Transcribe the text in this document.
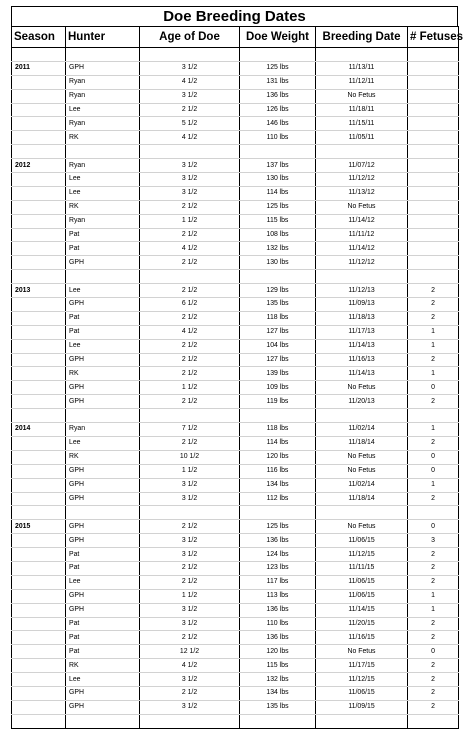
Doe Breeding Dates
Season	Hunter	Age of Doe	Doe Weight	Breeding Date	# Fetuses

2011	GPH	3 1/2	125 lbs	11/13/11	
	Ryan	4 1/2	131 lbs	11/12/11	
	Ryan	3 1/2	136 lbs	No Fetus	
	Lee	2 1/2	126 lbs	11/18/11	
	Ryan	5 1/2	146 lbs	11/15/11	
	RK	4 1/2	110 lbs	11/05/11	

2012	Ryan	3 1/2	137 lbs	11/07/12	
	Lee	3 1/2	130 lbs	11/12/12	
	Lee	3 1/2	114 lbs	11/13/12	
	RK	2 1/2	125 lbs	No Fetus	
	Ryan	1 1/2	115 lbs	11/14/12	
	Pat	2 1/2	108 lbs	11/11/12	
	Pat	4 1/2	132 lbs	11/14/12	
	GPH	2 1/2	130 lbs	11/12/12	

2013	Lee	2 1/2	129 lbs	11/12/13	2
	GPH	6 1/2	135 lbs	11/09/13	2
	Pat	2 1/2	118 lbs	11/18/13	2
	Pat	4 1/2	127 lbs	11/17/13	1
	Lee	2 1/2	104 lbs	11/14/13	1
	GPH	2 1/2	127 lbs	11/16/13	2
	RK	2 1/2	139 lbs	11/14/13	1
	GPH	1 1/2	109 lbs	No Fetus	0
	GPH	2 1/2	119 lbs	11/20/13	2

2014	Ryan	7 1/2	118 lbs	11/02/14	1
	Lee	2 1/2	114 lbs	11/18/14	2
	RK	10 1/2	120 lbs	No Fetus	0
	GPH	1 1/2	116 lbs	No Fetus	0
	GPH	3 1/2	134 lbs	11/02/14	1
	GPH	3 1/2	112 lbs	11/18/14	2

2015	GPH	2 1/2	125 lbs	No Fetus	0
	GPH	3 1/2	136 lbs	11/06/15	3
	Pat	3 1/2	124 lbs	11/12/15	2
	Pat	2 1/2	123 lbs	11/11/15	2
	Lee	2 1/2	117 lbs	11/06/15	2
	GPH	1 1/2	113 lbs	11/06/15	1
	GPH	3 1/2	136 lbs	11/14/15	1
	Pat	3 1/2	110 lbs	11/20/15	2
	Pat	2 1/2	136 lbs	11/16/15	2
	Pat	12 1/2	120 lbs	No Fetus	0
	RK	4 1/2	115 lbs	11/17/15	2
	Lee	3 1/2	132 lbs	11/12/15	2
	GPH	2 1/2	134 lbs	11/06/15	2
	GPH	3 1/2	135 lbs	11/09/15	2
